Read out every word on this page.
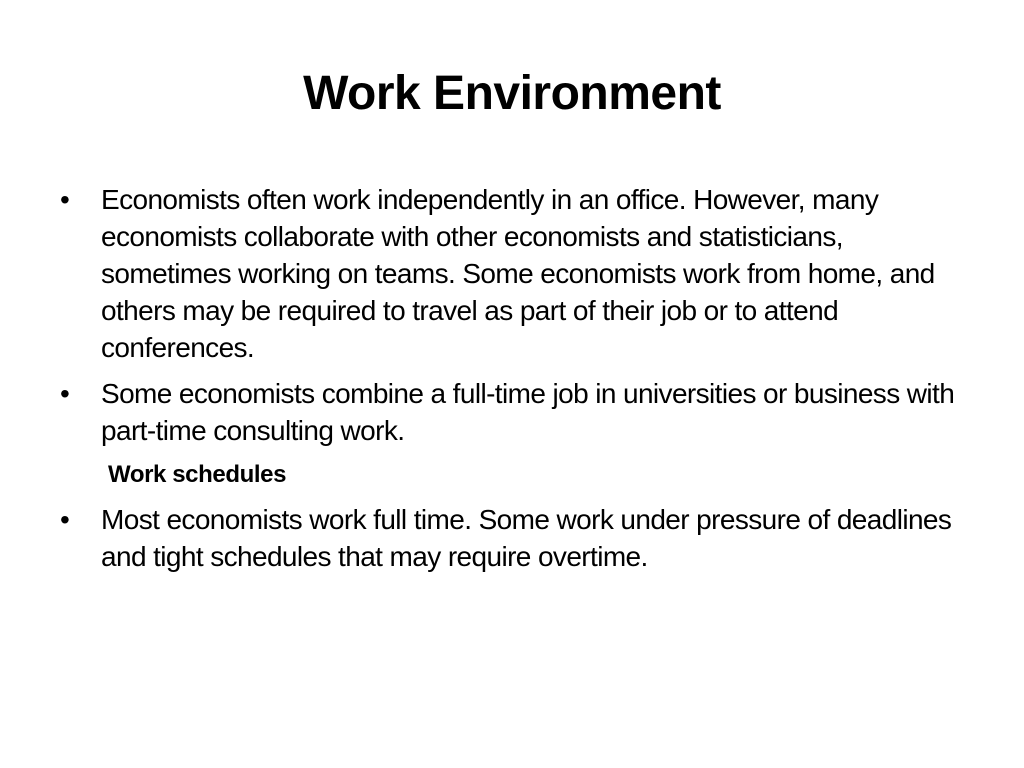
Work Environment
•	Economists often work independently in an office. However, many economists collaborate with other economists and statisticians, sometimes working on teams. Some economists work from home, and others may be required to travel as part of their job or to attend conferences.
•	Some economists combine a full-time job in universities or business with part-time consulting work.
Work schedules
•	Most economists work full time. Some work under pressure of deadlines and tight schedules that may require overtime.
